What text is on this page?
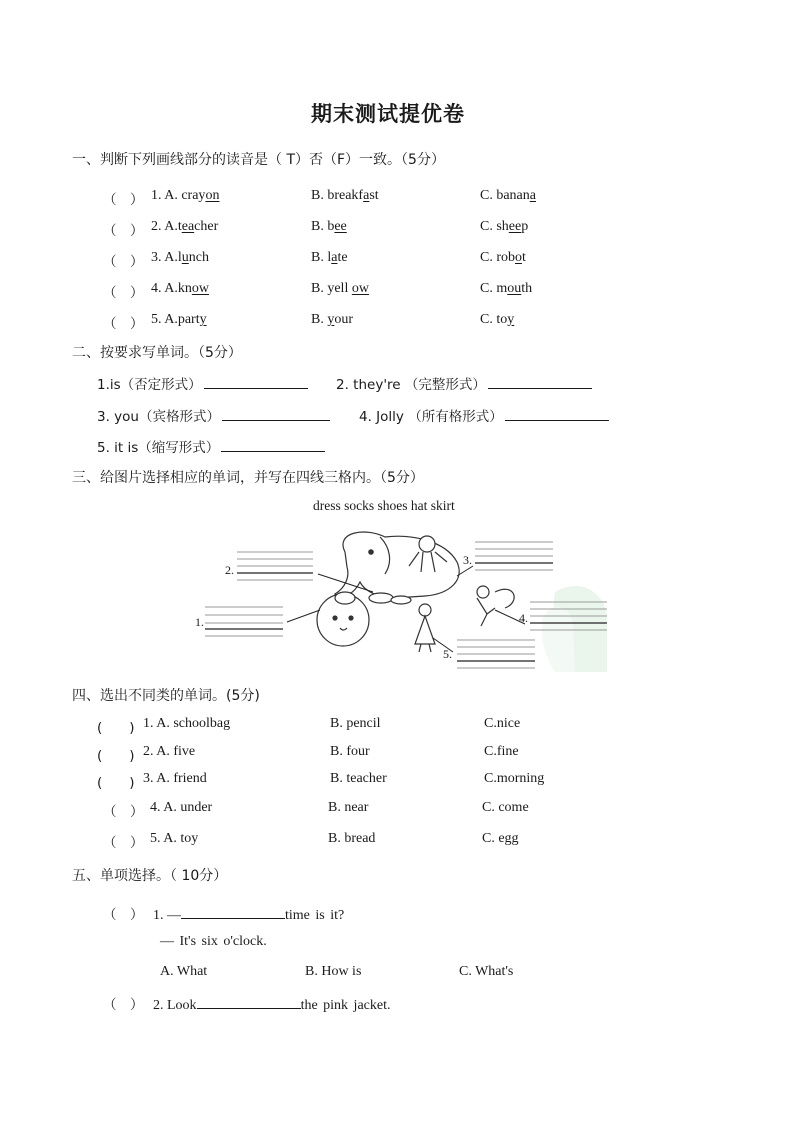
期末测试提优卷
一、判断下列画线部分的读音是（ T）否（F）一致。（5分）
（　） 1. A. crayon	B. breakfast	C. banana
（　） 2. A.teacher	B. bee	C. sheep
（　） 3. A.lunch	B. late	C. robot
（　） 4. A.know	B. yell ow	C. mouth
（　） 5. A.party	B. your	C. toy
二、按要求写单词。（5分）
1.is（否定形式）	2. they're （完整形式）
3. you（宾格形式）	4. Jolly （所有格形式）
5. it is（缩写形式）
三、给图片选择相应的单词，并写在四线三格内。（5分）
dress socks shoes hat skirt
2.
1.
3.
4.
5.
四、选出不同类的单词。(5分)
(　　) 1. A. schoolbag	B. pencil	C.nice
(　　) 2. A. five	B. four	C.fine
(　　) 3. A. friend	B. teacher	C.morning
（　） 4. A. under	B. near	C. come
（　） 5. A. toy	B. bread	C. egg
五、单项选择。（ 10分）
（　） 1. —	time is it?
— It's six o'clock.
A. What	B. How is	C. What's
（　） 2. Look	the pink jacket.
